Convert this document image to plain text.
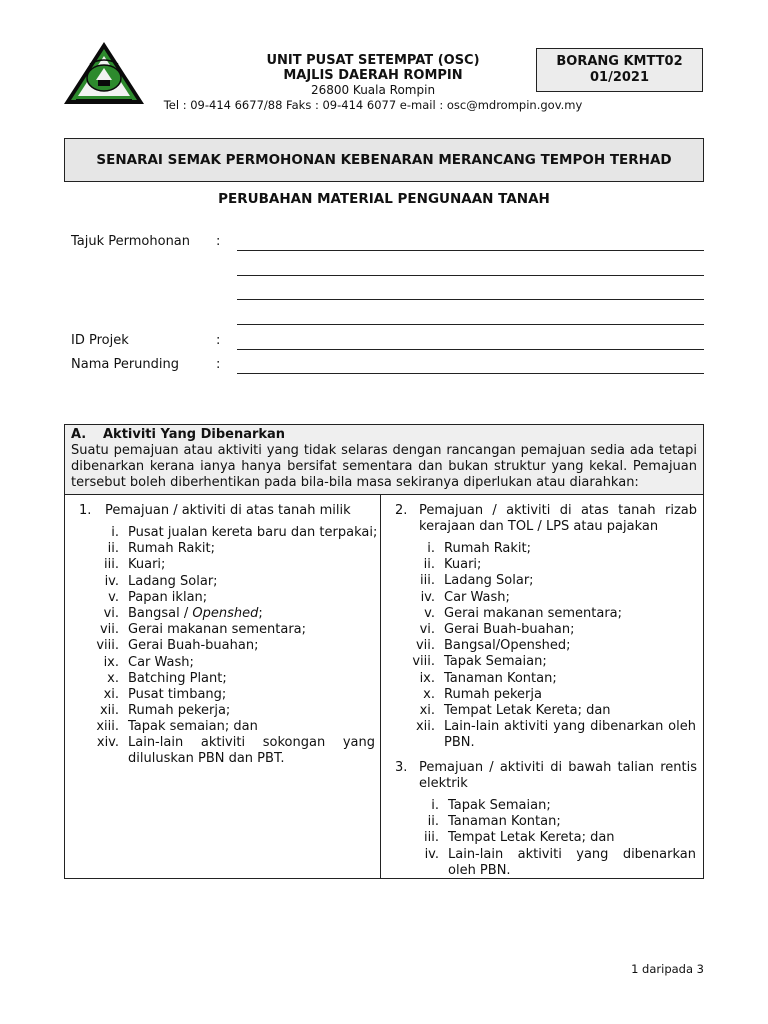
UNIT PUSAT SETEMPAT (OSC)
MAJLIS DAERAH ROMPIN
26800 Kuala Rompin
Tel : 09-414 6677/88 Faks : 09-414 6077 e-mail : osc@mdrompin.gov.my
BORANG KMTT02
01/2021
SENARAI SEMAK PERMOHONAN KEBENARAN MERANCANG TEMPOH TERHAD
PERUBAHAN MATERIAL PENGUNAAN TANAH
Tajuk Permohonan :
ID Projek	:
Nama Perunding	:
A. Aktiviti Yang Dibenarkan
Suatu pemajuan atau aktiviti yang tidak selaras dengan rancangan pemajuan sedia ada tetapi dibenarkan kerana ianya hanya bersifat sementara dan bukan struktur yang kekal. Pemajuan tersebut boleh diberhentikan pada bila-bila masa sekiranya diperlukan atau diarahkan:
1. Pemajuan / aktiviti di atas tanah milik
i. Pusat jualan kereta baru dan terpakai;
ii. Rumah Rakit;
iii. Kuari;
iv. Ladang Solar;
v. Papan iklan;
vi. Bangsal / Openshed;
vii. Gerai makanan sementara;
viii. Gerai Buah-buahan;
ix. Car Wash;
x. Batching Plant;
xi. Pusat timbang;
xii. Rumah pekerja;
xiii. Tapak semaian; dan
xiv. Lain-lain aktiviti sokongan yang diluluskan PBN dan PBT.
2. Pemajuan / aktiviti di atas tanah rizab kerajaan dan TOL / LPS atau pajakan
i. Rumah Rakit;
ii. Kuari;
iii. Ladang Solar;
iv. Car Wash;
v. Gerai makanan sementara;
vi. Gerai Buah-buahan;
vii. Bangsal/Openshed;
viii. Tapak Semaian;
ix. Tanaman Kontan;
x. Rumah pekerja
xi. Tempat Letak Kereta; dan
xii. Lain-lain aktiviti yang dibenarkan oleh PBN.
3. Pemajuan / aktiviti di bawah talian rentis elektrik
i. Tapak Semaian;
ii. Tanaman Kontan;
iii. Tempat Letak Kereta; dan
iv. Lain-lain aktiviti yang dibenarkan oleh PBN.
1 daripada 3
